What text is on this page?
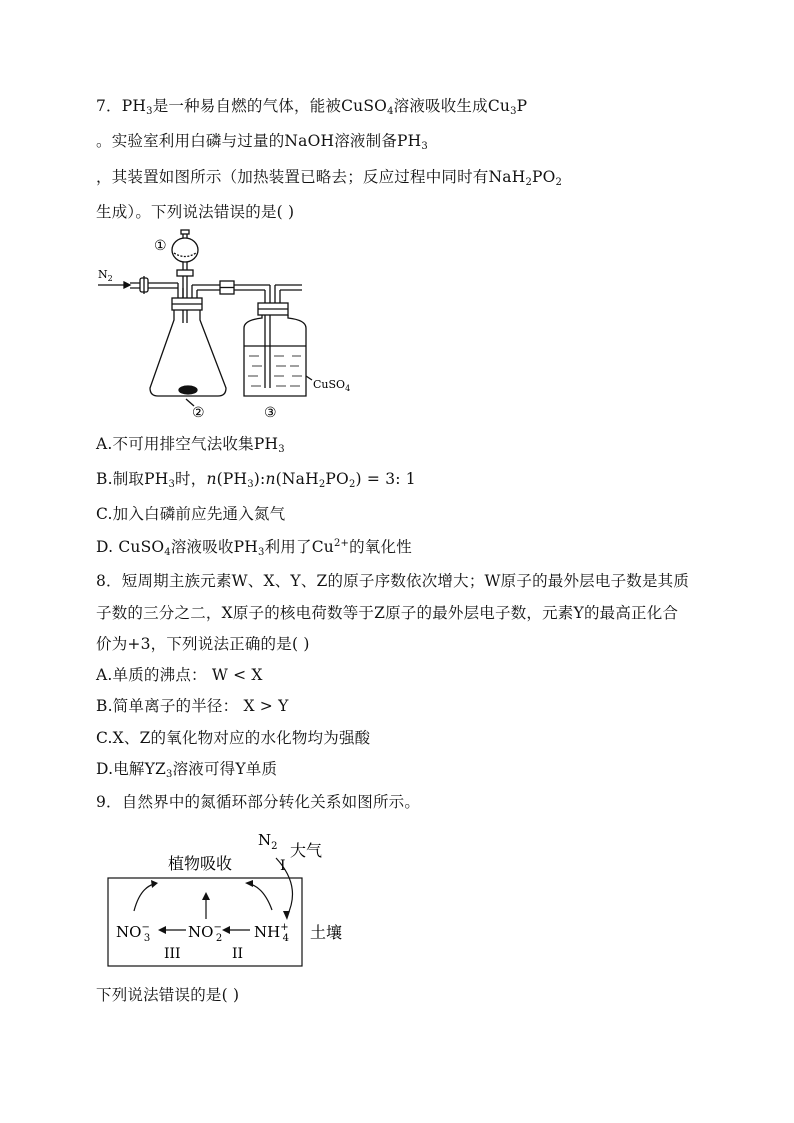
7．$PH_3$是一种易自燃的气体，能被CuSO$_4$溶液吸收生成$Cu_3P$
。实验室利用白磷与过量的NaOH溶液制备$PH_3$
，其装置如图所示（加热装置已略去；反应过程中同时有$NaH_2PO_2$
生成）。下列说法错误的是( )
$N_2$
①
②	③
CuSO$_4$
A.不可用排空气法收集$PH_3$
B.制取$PH_3$时，$n(PH_3):n(NaH_2PO_2) = 3$: 1
C.加入白磷前应先通入氮气
D. CuSO$_4$溶液吸收$PH_3$利用了$Cu^{2+}$的氧化性
8．短周期主族元素W、X、Y、Z的原子序数依次增大；W原子的最外层电子数是其质
子数的三分之二，X原子的核电荷数等于Z原子的最外层电子数，元素Y的最高正化合
价为+3，下列说法正确的是( )
A.单质的沸点： W < X
B.简单离子的半径： X > Y
C.X、Z的氧化物对应的水化物均为强酸
D.电解$YZ_3$溶液可得Y单质
9．自然界中的氮循环部分转化关系如图所示。
$N_2$ 大气
植物吸收	I
土壤
NO− 3	NO− 2 NH+ 4
III	II
下列说法错误的是( )
